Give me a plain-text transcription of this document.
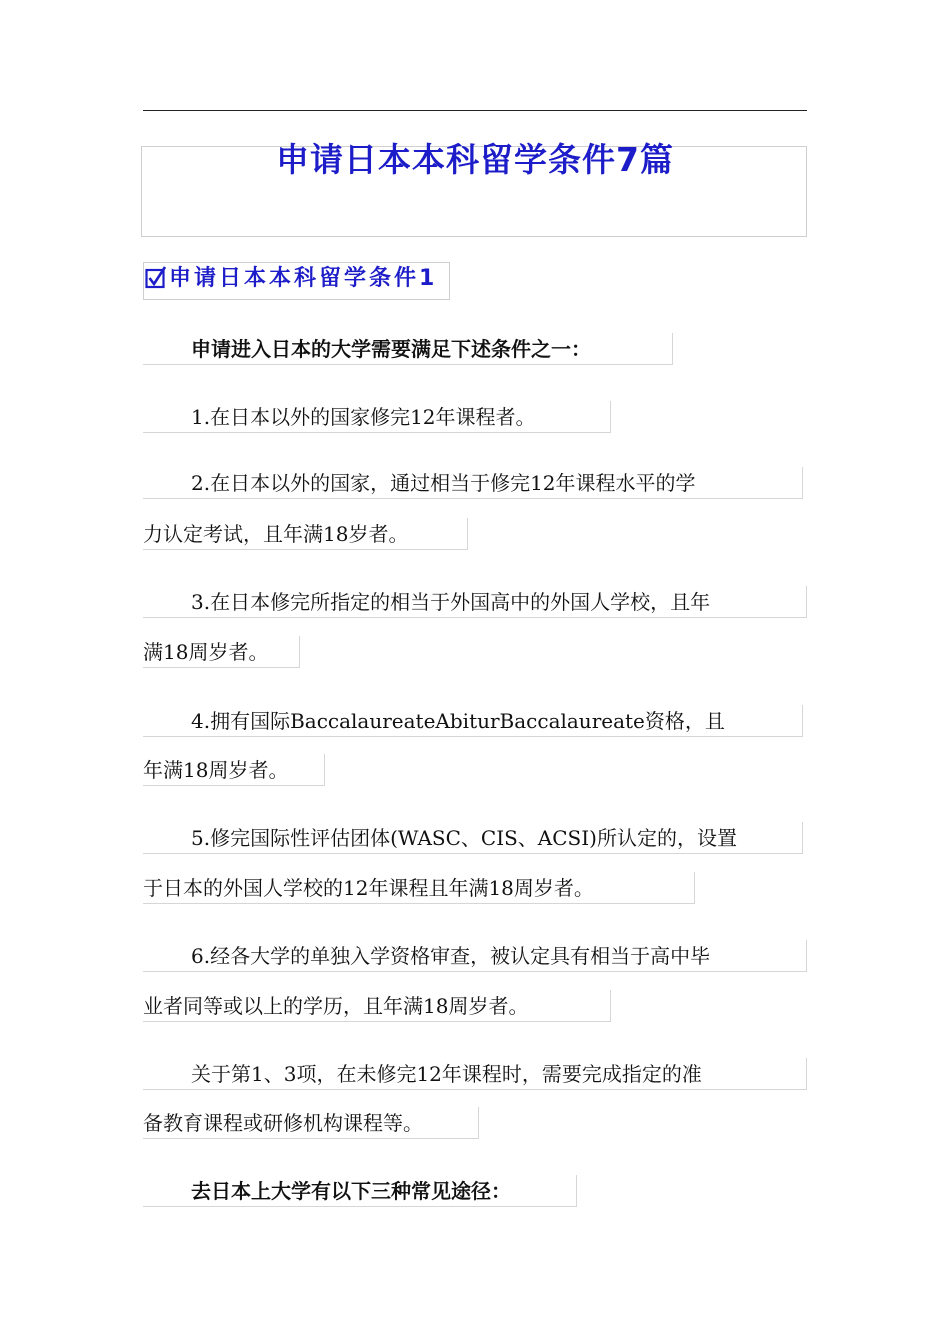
申请日本本科留学条件7篇
申请日本本科留学条件1
申请进入日本的大学需要满足下述条件之一：
1.在日本以外的国家修完12年课程者。
2.在日本以外的国家，通过相当于修完12年课程水平的学
力认定考试，且年满18岁者。
3.在日本修完所指定的相当于外国高中的外国人学校，且年
满18周岁者。
4.拥有国际BaccalaureateAbiturBaccalaureate资格，且
年满18周岁者。
5.修完国际性评估团体(WASC、CIS、ACSI)所认定的，设置
于日本的外国人学校的12年课程且年满18周岁者。
6.经各大学的单独入学资格审查，被认定具有相当于高中毕
业者同等或以上的学历，且年满18周岁者。
关于第1、3项，在未修完12年课程时，需要完成指定的准
备教育课程或研修机构课程等。
去日本上大学有以下三种常见途径：
